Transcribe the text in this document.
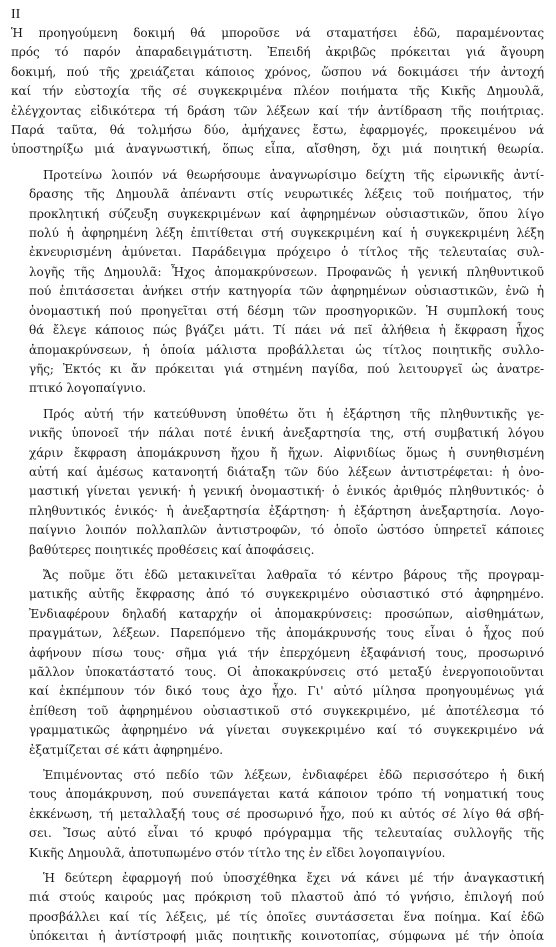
II
Ἡ προηγούμενη δοκιμή θά μποροῦσε νά σταματήσει ἐδῶ, παραμένοντας
πρός τό παρόν ἀπαραδειγμάτιστη. Ἐπειδή ἀκριβῶς πρόκειται γιά ἄγουρη
δοκιμή, πού τῆς χρειάζεται κάποιος χρόνος, ὥσπου νά δοκιμάσει τήν ἀντοχή
καί τήν εὐστοχία τῆς σέ συγκεκριμένα πλέον ποιήματα τῆς Κικῆς Δημουλᾶ,
ἐλέγχοντας εἰδικότερα τή δράση τῶν λέξεων καί τήν ἀντίδραση τῆς ποιήτριας.
Παρά ταῦτα, θά τολμήσω δύο, ἀμήχανες ἔστω, ἐφαρμογές, προκειμένου νά
ὑποστηρίξω μιά ἀναγνωστική, ὅπως εἶπα, αἴσθηση, ὄχι μιά ποιητική θεωρία.
Προτείνω λοιπόν νά θεωρήσουμε ἀναγνωρίσιμο δείχτη τῆς εἰρωνικῆς ἀντί-
δρασης τῆς Δημουλᾶ ἀπέναντι στίς νευρωτικές λέξεις τοῦ ποιήματος, τήν
προκλητική σύζευξη συγκεκριμένων καί ἀφηρημένων οὐσιαστικῶν, ὅπου λίγο
πολύ ἡ ἀφηρημένη λέξη ἐπιτίθεται στή συγκεκριμένη καί ἡ συγκεκριμένη λέξη
ἐκνευρισμένη ἀμύνεται. Παράδειγμα πρόχειρο ὁ τίτλος τῆς τελευταίας συλ-
λογῆς τῆς Δημουλᾶ: Ἦχος ἀπομακρύνσεων. Προφανῶς ἡ γενική πληθυντικοῦ
πού ἐπιτάσσεται ἀνήκει στήν κατηγορία τῶν ἀφηρημένων οὐσιαστικῶν, ἐνῶ ἡ
ὀνομαστική πού προηγεῖται στή δέσμη τῶν προσηγορικῶν. Ἡ συμπλοκή τους
θά ἔλεγε κάποιος πώς βγάζει μάτι. Τί πάει νά πεῖ ἀλήθεια ἡ ἔκφραση ἦχος
ἀπομακρύνσεων, ἡ ὁποία μάλιστα προβάλλεται ὡς τίτλος ποιητικῆς συλλο-
γῆς; Ἐκτός κι ἄν πρόκειται γιά στημένη παγίδα, πού λειτουργεῖ ὡς ἀνατρε-
πτικό λογοπαίγνιο.
Πρός αὐτή τήν κατεύθυνση ὑποθέτω ὅτι ἡ ἐξάρτηση τῆς πληθυντικῆς γε-
νικῆς ὑπονοεῖ τήν πάλαι ποτέ ἑνική ἀνεξαρτησία της, στή συμβατική λόγου
χάριν ἔκφραση ἀπομάκρυνση ἤχου ἤ ἤχων. Αἰφνιδίως ὅμως ἡ συνηθισμένη
αὐτή καί ἀμέσως κατανοητή διάταξη τῶν δύο λέξεων ἀντιστρέφεται: ἡ ὀνο-
μαστική γίνεται γενική· ἡ γενική ὀνομαστική· ὁ ἑνικός ἀριθμός πληθυντικός· ὁ
πληθυντικός ἑνικός· ἡ ἀνεξαρτησία ἐξάρτηση· ἡ ἐξάρτηση ἀνεξαρτησία. Λογο-
παίγνιο λοιπόν πολλαπλῶν ἀντιστροφῶν, τό ὁποῖο ὡστόσο ὑπηρετεῖ κάποιες
βαθύτερες ποιητικές προθέσεις καί ἀποφάσεις.
Ἄς ποῦμε ὅτι ἐδῶ μετακινεῖται λαθραῖα τό κέντρο βάρους τῆς προγραμ-
ματικῆς αὐτῆς ἔκφρασης ἀπό τό συγκεκριμένο οὐσιαστικό στό ἀφηρημένο.
Ἐνδιαφέρουν δηλαδή καταρχήν οἱ ἀπομακρύνσεις: προσώπων, αἰσθημάτων,
πραγμάτων, λέξεων. Παρεπόμενο τῆς ἀπομάκρυνσής τους εἶναι ὁ ἦχος πού
ἀφήνουν πίσω τους· σῆμα γιά τήν ἐπερχόμενη ἐξαφάνισή τους, προσωρινό
μᾶλλον ὑποκατάστατό τους. Οἱ ἀποκακρύνσεις στό μεταξύ ἐνεργοποιοῦνται
καί ἐκπέμπουν τόν δικό τους ἀχο ἦχο. Γι' αὐτό μίλησα προηγουμένως γιά
ἐπίθεση τοῦ ἀφηρημένου οὐσιαστικοῦ στό συγκεκριμένο, μέ ἀποτέλεσμα τό
γραμματικῶς ἀφηρημένο νά γίνεται συγκεκριμένο καί τό συγκεκριμένο νά
ἐξατμίζεται σέ κάτι ἀφηρημένο.
Ἐπιμένοντας στό πεδίο τῶν λέξεων, ἐνδιαφέρει ἐδῶ περισσότερο ἡ δική
τους ἀπομάκρυνση, πού συνεπάγεται κατά κάποιον τρόπο τή νοηματική τους
ἐκκένωση, τή μεταλλαξή τους σέ προσωρινό ἦχο, πού κι αὐτός σέ λίγο θά σβή-
σει. Ἴσως αὐτό εἶναι τό κρυφό πρόγραμμα τῆς τελευταίας συλλογῆς τῆς
Κικῆς Δημουλᾶ, ἀποτυπωμένο στόν τίτλο της ἐν εἴδει λογοπαιγνίου.
Ἡ δεύτερη ἐφαρμογή πού ὑποσχέθηκα ἔχει νά κάνει μέ τήν ἀναγκαστική
πιά στούς καιρούς μας πρόκριση τοῦ πλαστοῦ ἀπό τό γνήσιο, ἐπιλογή πού
προσβάλλει καί τίς λέξεις, μέ τίς ὁποῖες συντάσσεται ἕνα ποίημα. Καί ἐδῶ
ὑπόκειται ἡ ἀντίστροφή μιᾶς ποιητικῆς κοινοτοπίας, σύμφωνα μέ τήν ὁποία
